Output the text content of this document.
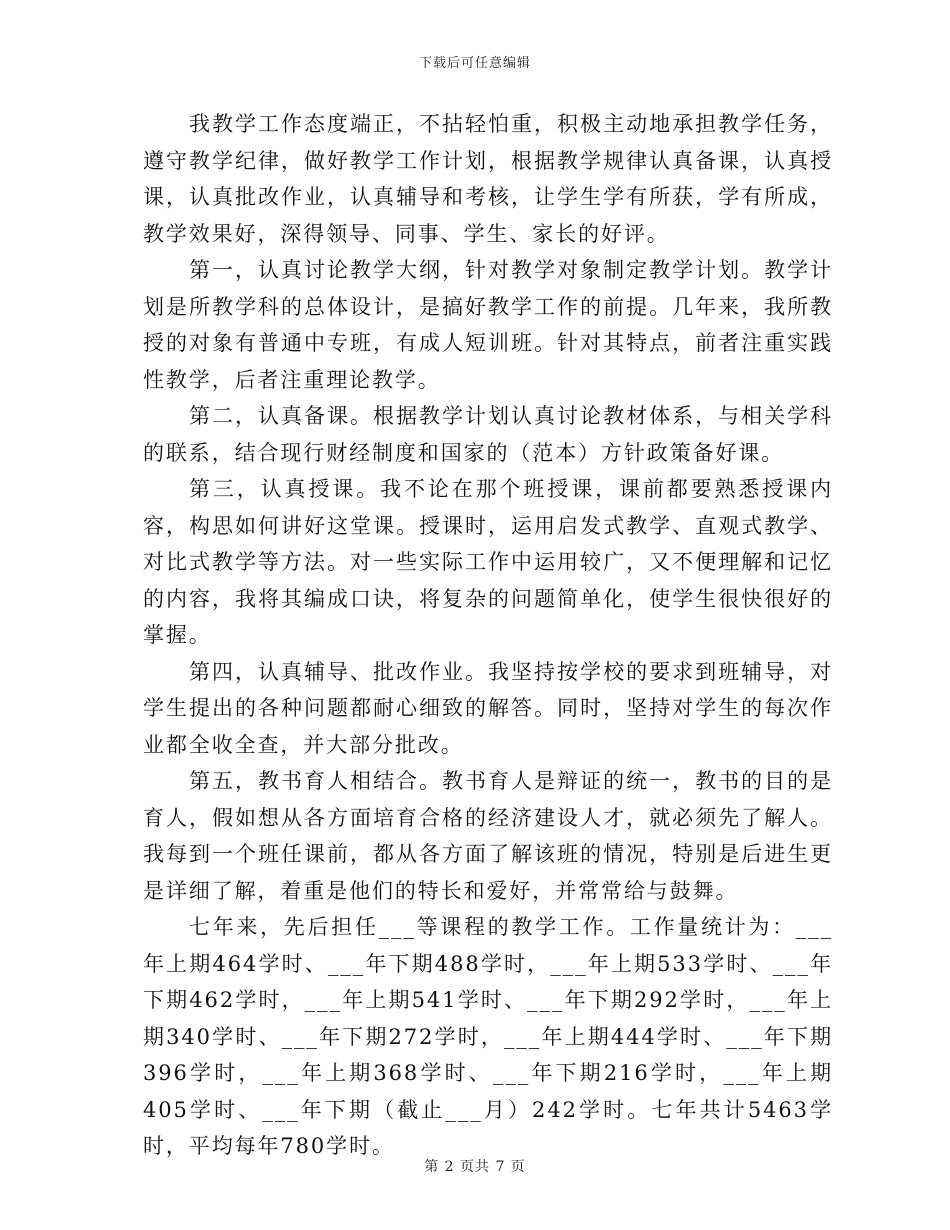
下载后可任意编辑

我教学工作态度端正，不拈轻怕重，积极主动地承担教学任务，遵守教学纪律，做好教学工作计划，根据教学规律认真备课，认真授课，认真批改作业，认真辅导和考核，让学生学有所获，学有所成，教学效果好，深得领导、同事、学生、家长的好评。

第一，认真讨论教学大纲，针对教学对象制定教学计划。教学计划是所教学科的总体设计，是搞好教学工作的前提。几年来，我所教授的对象有普通中专班，有成人短训班。针对其特点，前者注重实践性教学，后者注重理论教学。

第二，认真备课。根据教学计划认真讨论教材体系，与相关学科的联系，结合现行财经制度和国家的（范本）方针政策备好课。

第三，认真授课。我不论在那个班授课，课前都要熟悉授课内容，构思如何讲好这堂课。授课时，运用启发式教学、直观式教学、对比式教学等方法。对一些实际工作中运用较广，又不便理解和记忆的内容，我将其编成口诀，将复杂的问题简单化，使学生很快很好的掌握。

第四，认真辅导、批改作业。我坚持按学校的要求到班辅导，对学生提出的各种问题都耐心细致的解答。同时，坚持对学生的每次作业都全收全查，并大部分批改。

第五，教书育人相结合。教书育人是辩证的统一，教书的目的是育人，假如想从各方面培育合格的经济建设人才，就必须先了解人。我每到一个班任课前，都从各方面了解该班的情况，特别是后进生更是详细了解，着重是他们的特长和爱好，并常常给与鼓舞。

七年来，先后担任___等课程的教学工作。工作量统计为：___年上期464学时、___年下期488学时，___年上期533学时、___年下期462学时，___年上期541学时、___年下期292学时，___年上期340学时、___年下期272学时，___年上期444学时、___年下期396学时，___年上期368学时、___年下期216学时，___年上期405学时、___年下期（截止___月）242学时。七年共计5463学时，平均每年780学时。

第 2 页共 7 页
